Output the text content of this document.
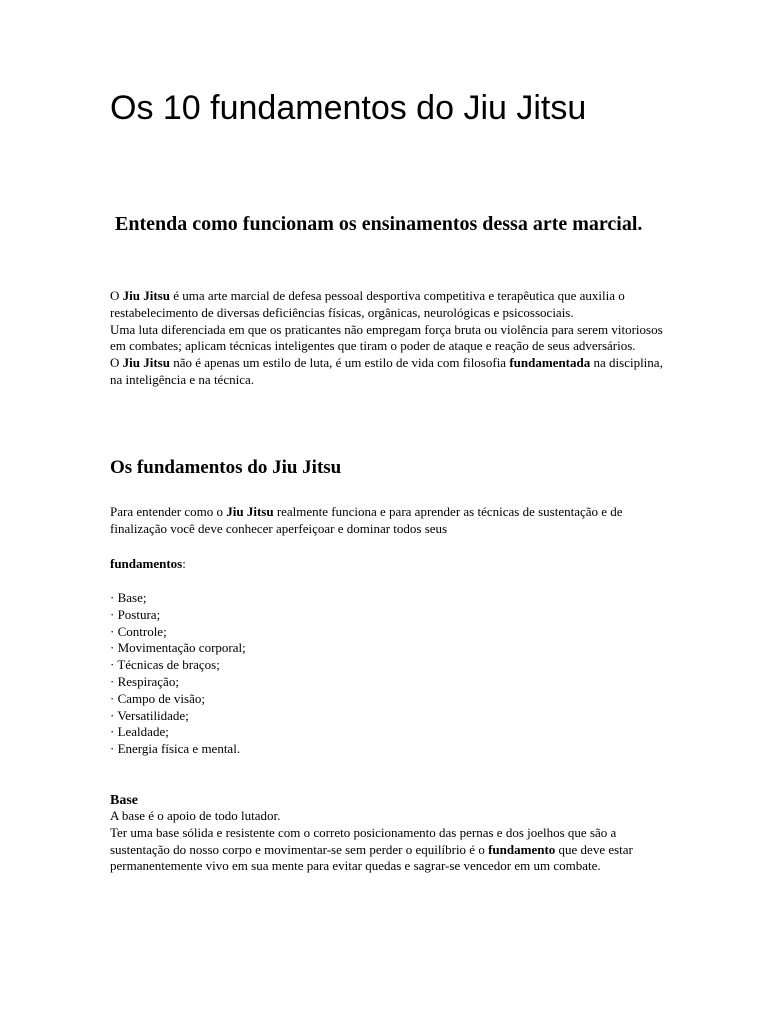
Os 10 fundamentos do Jiu Jitsu
Entenda como funcionam os ensinamentos dessa arte marcial.

O Jiu Jitsu é uma arte marcial de defesa pessoal desportiva competitiva e terapêutica que auxilia o restabelecimento de diversas deficiências físicas, orgânicas, neurológicas e psicossociais.

Uma luta diferenciada em que os praticantes não empregam força bruta ou violência para serem vitoriosos em combates; aplicam técnicas inteligentes que tiram o poder de ataque e reação de seus adversários.

O Jiu Jitsu não é apenas um estilo de luta, é um estilo de vida com filosofia fundamentada na disciplina, na inteligência e na técnica.

Os fundamentos do Jiu Jitsu

Para entender como o Jiu Jitsu realmente funciona e para aprender as técnicas de sustentação e de finalização você deve conhecer aperfeiçoar e dominar todos seus

fundamentos:

· Base;
· Postura;
· Controle;
· Movimentação corporal;
· Técnicas de braços;
· Respiração;
· Campo de visão;
· Versatilidade;
· Lealdade;
· Energia física e mental.
Base

A base é o apoio de todo lutador.

Ter uma base sólida e resistente com o correto posicionamento das pernas e dos joelhos que são a sustentação do nosso corpo e movimentar-se sem perder o equilíbrio é o fundamento que deve estar permanentemente vivo em sua mente para evitar quedas e sagrar-se vencedor em um combate.
